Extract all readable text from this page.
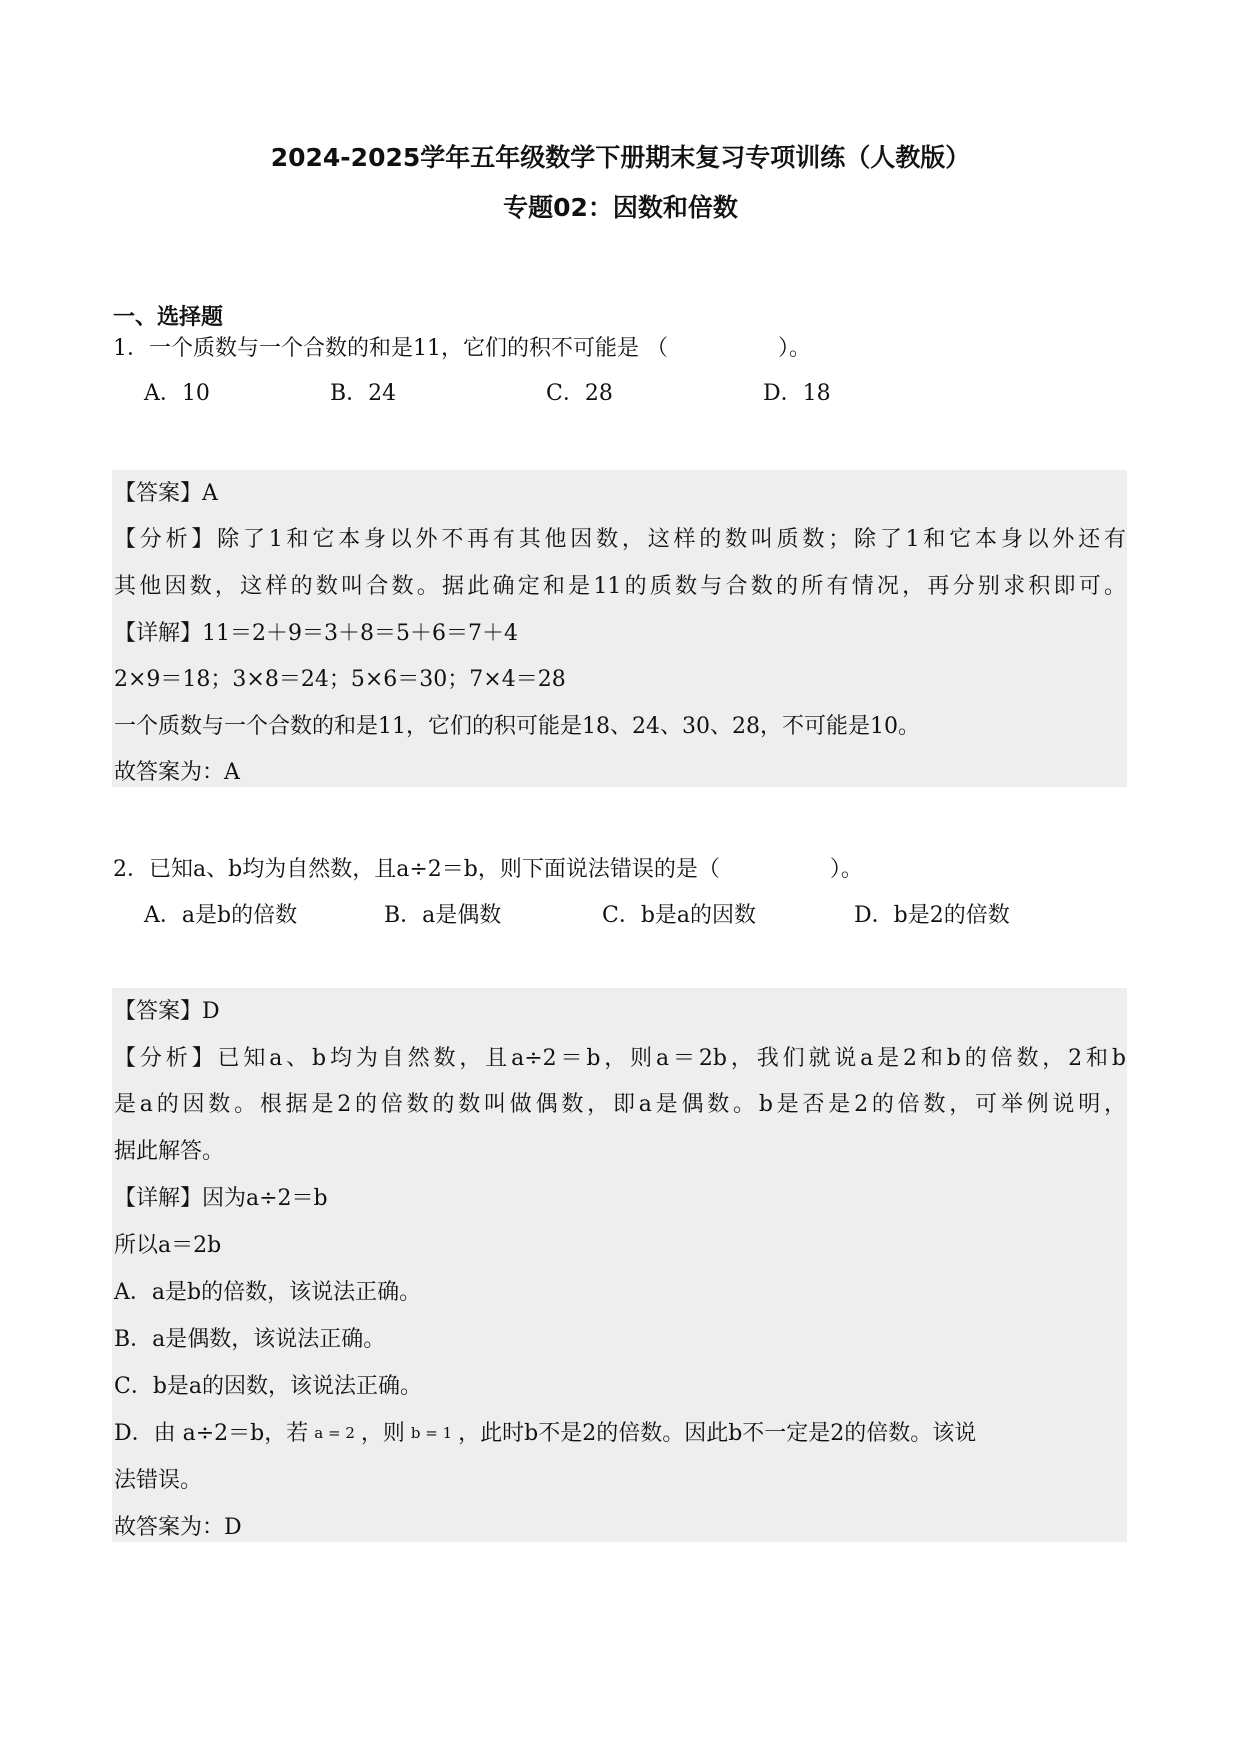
2024-2025学年五年级数学下册期末复习专项训练（人教版）
专题02：因数和倍数
一、选择题
1．一个质数与一个合数的和是11，它们的积不可能是 （　　　　　）。
A．10	B．24	C．28	D．18
【答案】A
【分析】除了1和它本身以外不再有其他因数，这样的数叫质数；除了1和它本身以外还有
其他因数，这样的数叫合数。据此确定和是11的质数与合数的所有情况，再分别求积即可。
【详解】11＝2＋9＝3＋8＝5＋6＝7＋4
2×9＝18；3×8＝24；5×6＝30；7×4＝28
一个质数与一个合数的和是11，它们的积可能是18、24、30、28，不可能是10。
故答案为：A
2．已知a、b均为自然数，且a÷2＝b，则下面说法错误的是（　　　　　）。
A．a是b的倍数	B．a是偶数	C．b是a的因数	D．b是2的倍数
【答案】D
【分析】已知a、b均为自然数，且a÷2＝b，则a＝2b，我们就说a是2和b的倍数，2和b
是a的因数。根据是2的倍数的数叫做偶数，即a是偶数。b是否是2的倍数，可举例说明，
据此解答。
【详解】因为a÷2＝b
所以a＝2b
A．a是b的倍数，该说法正确。
B．a是偶数，该说法正确。
C．b是a的因数，该说法正确。
D．由 a÷2＝b，若 a = 2 ，则 b = 1 ，此时b不是2的倍数。因此b不一定是2的倍数。该说
法错误。
故答案为：D
